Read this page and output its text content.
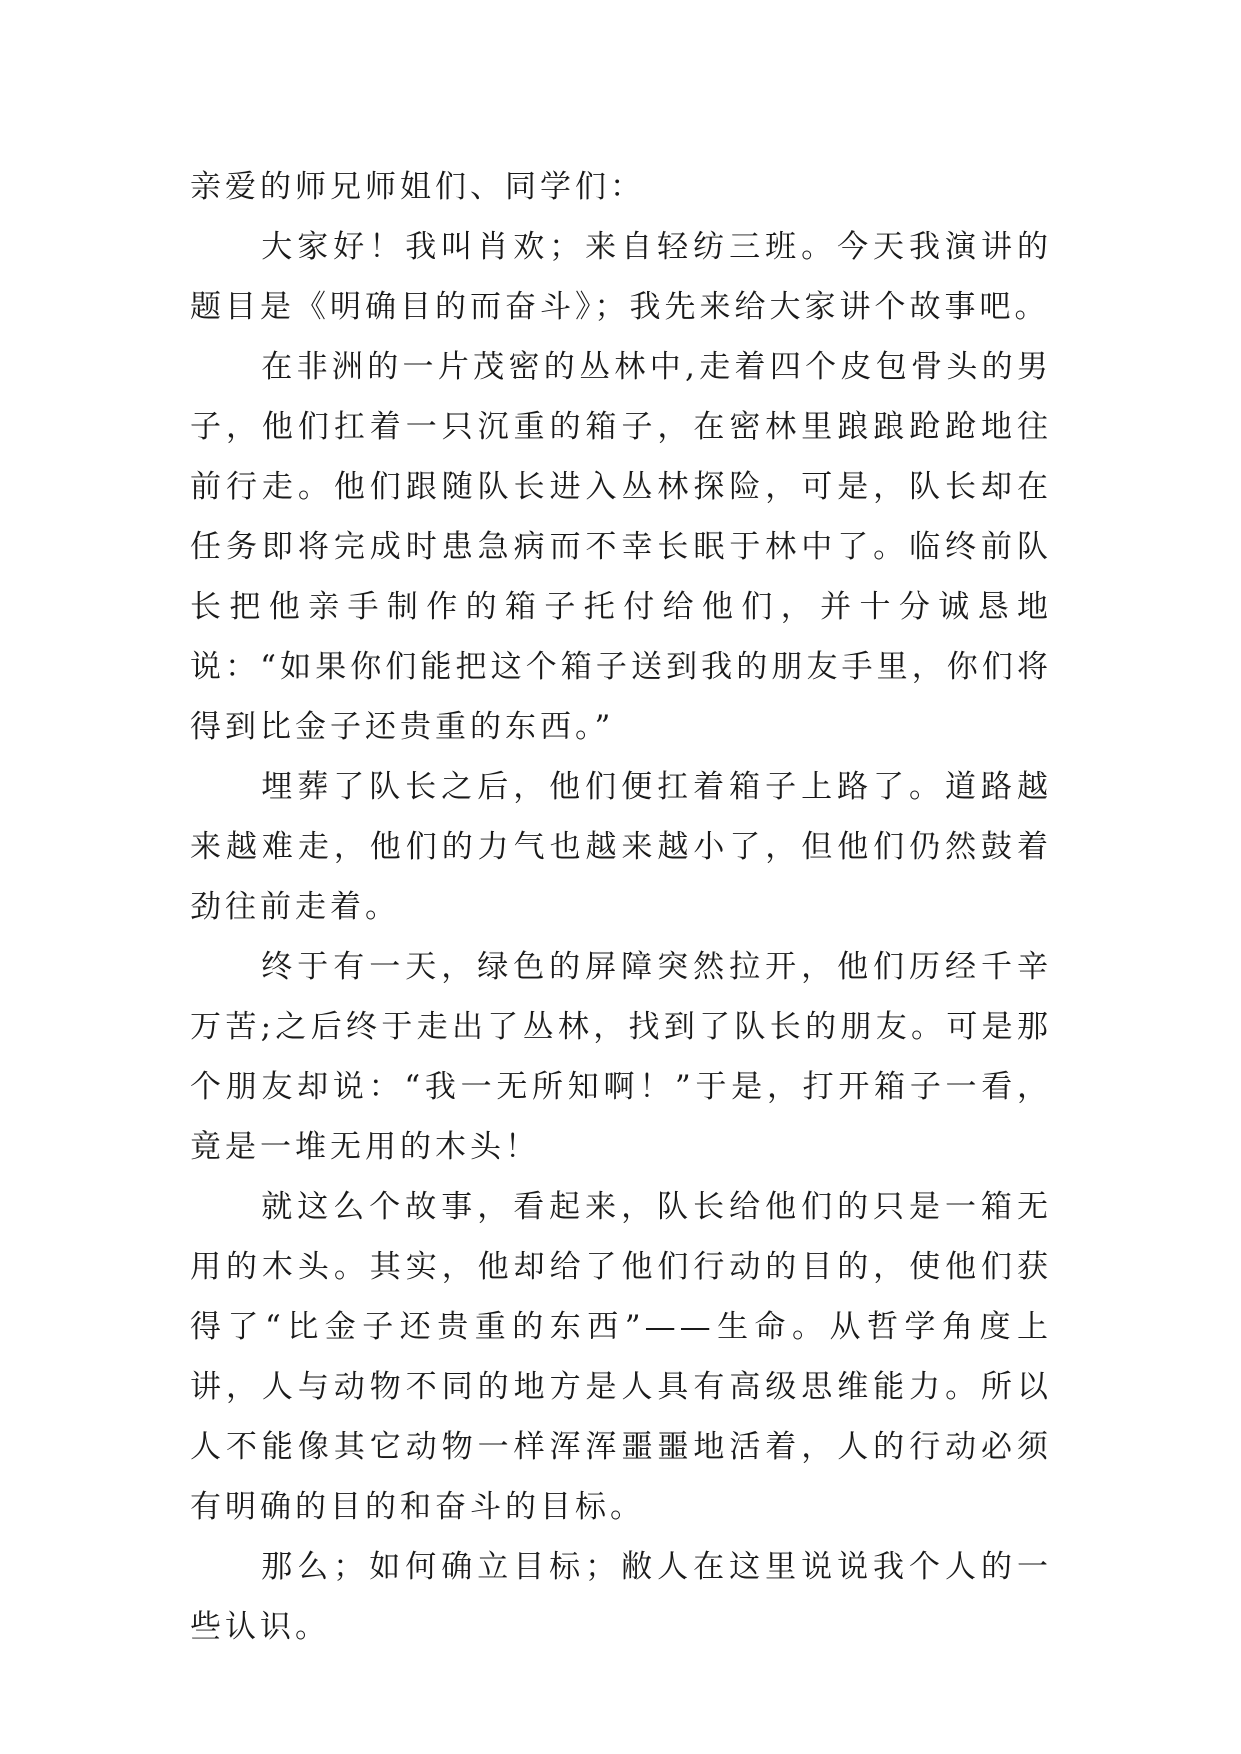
亲爱的师兄师姐们、同学们：

大家好！我叫肖欢；来自轻纺三班。今天我演讲的题目是《明确目的而奋斗》；我先来给大家讲个故事吧。

在非洲的一片茂密的丛林中,走着四个皮包骨头的男子，他们扛着一只沉重的箱子，在密林里踉踉跄跄地往前行走。他们跟随队长进入丛林探险，可是，队长却在任务即将完成时患急病而不幸长眠于林中了。临终前队长把他亲手制作的箱子托付给他们，并十分诚恳地说：“如果你们能把这个箱子送到我的朋友手里，你们将得到比金子还贵重的东西。”

埋葬了队长之后，他们便扛着箱子上路了。道路越来越难走，他们的力气也越来越小了，但他们仍然鼓着劲往前走着。

终于有一天，绿色的屏障突然拉开，他们历经千辛万苦;之后终于走出了丛林，找到了队长的朋友。可是那个朋友却说：“我一无所知啊！”于是，打开箱子一看，竟是一堆无用的木头！

就这么个故事，看起来，队长给他们的只是一箱无用的木头。其实，他却给了他们行动的目的，使他们获得了“比金子还贵重的东西”——生命。从哲学角度上讲，人与动物不同的地方是人具有高级思维能力。所以人不能像其它动物一样浑浑噩噩地活着，人的行动必须有明确的目的和奋斗的目标。

那么；如何确立目标；敝人在这里说说我个人的一些认识。
